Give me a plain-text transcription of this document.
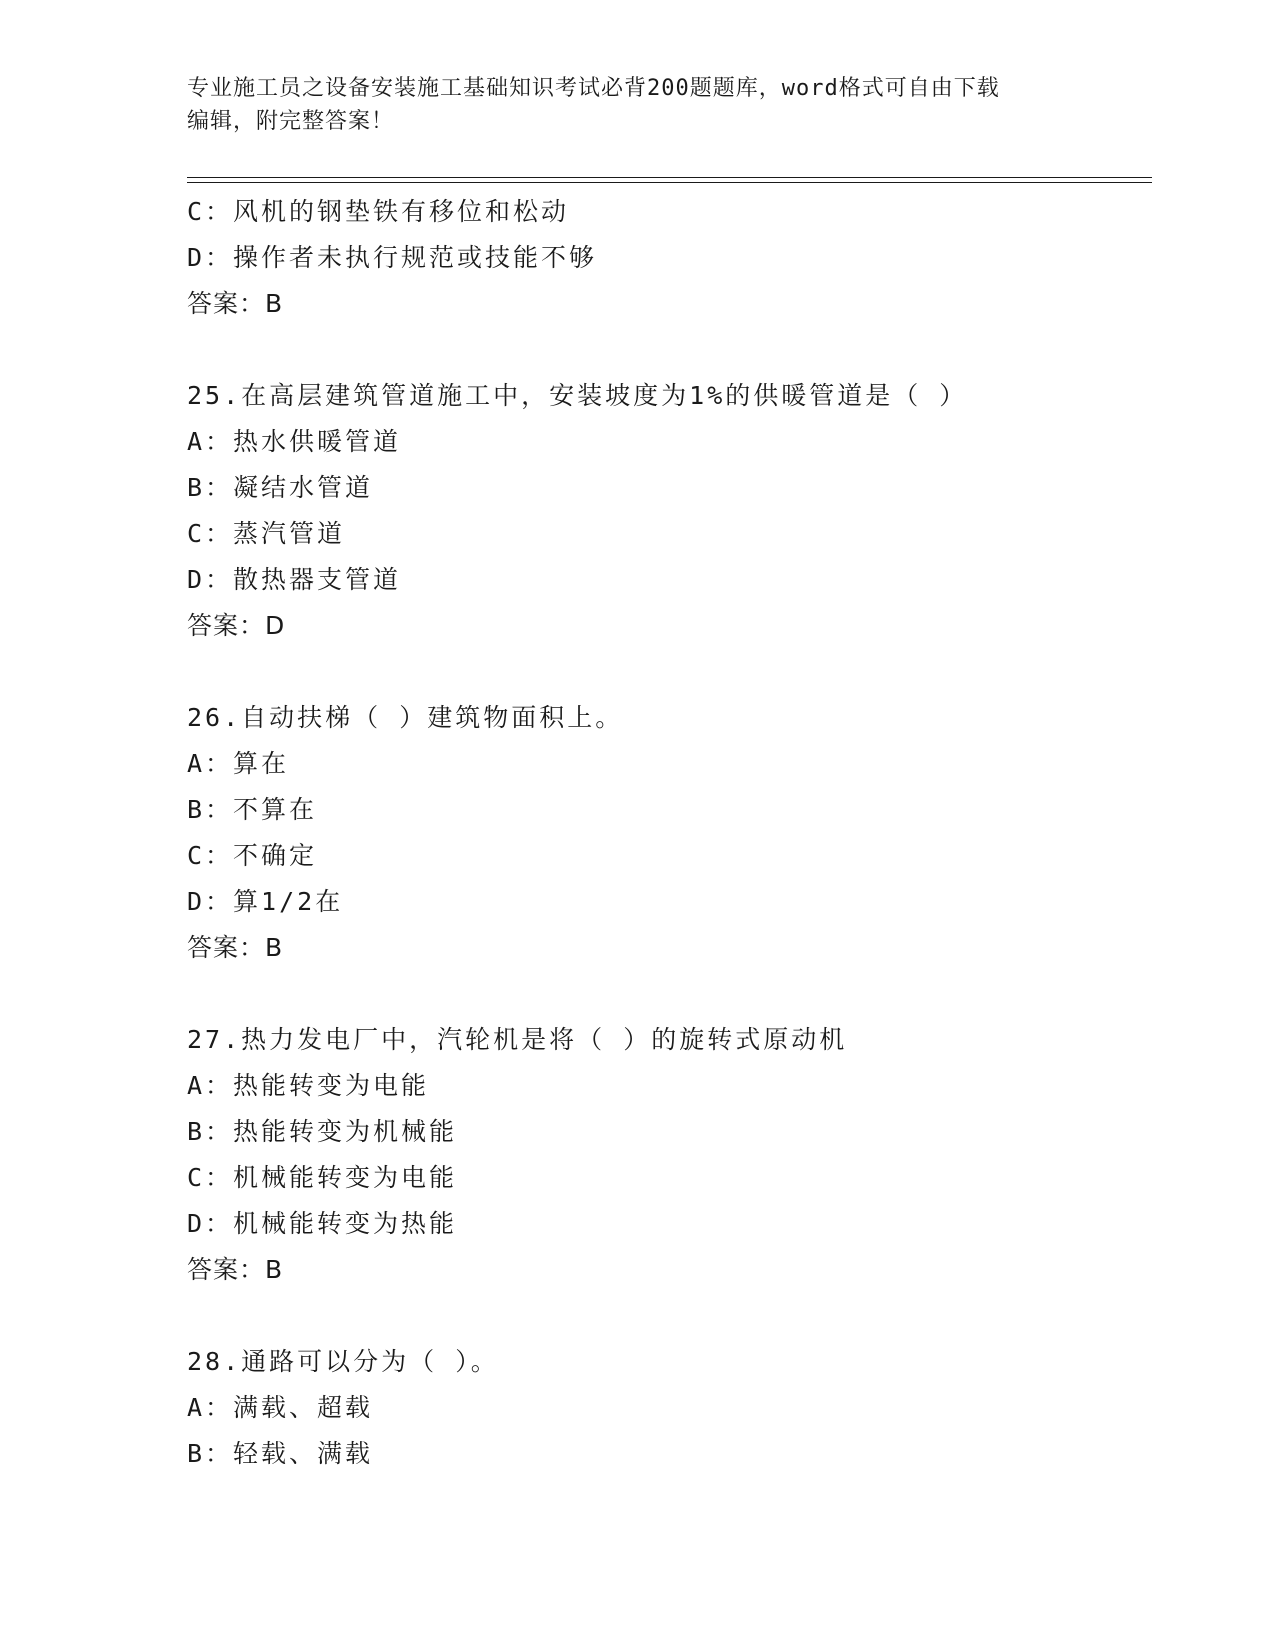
专业施工员之设备安装施工基础知识考试必背200题题库，word格式可自由下载
编辑，附完整答案！
C：风机的钢垫铁有移位和松动
D：操作者未执行规范或技能不够
答案：B
25.在高层建筑管道施工中，安装坡度为1%的供暖管道是（ ）
A：热水供暖管道
B：凝结水管道
C：蒸汽管道
D：散热器支管道
答案：D
26.自动扶梯（ ）建筑物面积上。
A：算在
B：不算在
C：不确定
D：算1/2在
答案：B
27.热力发电厂中，汽轮机是将（ ）的旋转式原动机
A：热能转变为电能
B：热能转变为机械能
C：机械能转变为电能
D：机械能转变为热能
答案：B
28.通路可以分为（ ）。
A：满载、超载
B：轻载、满载
